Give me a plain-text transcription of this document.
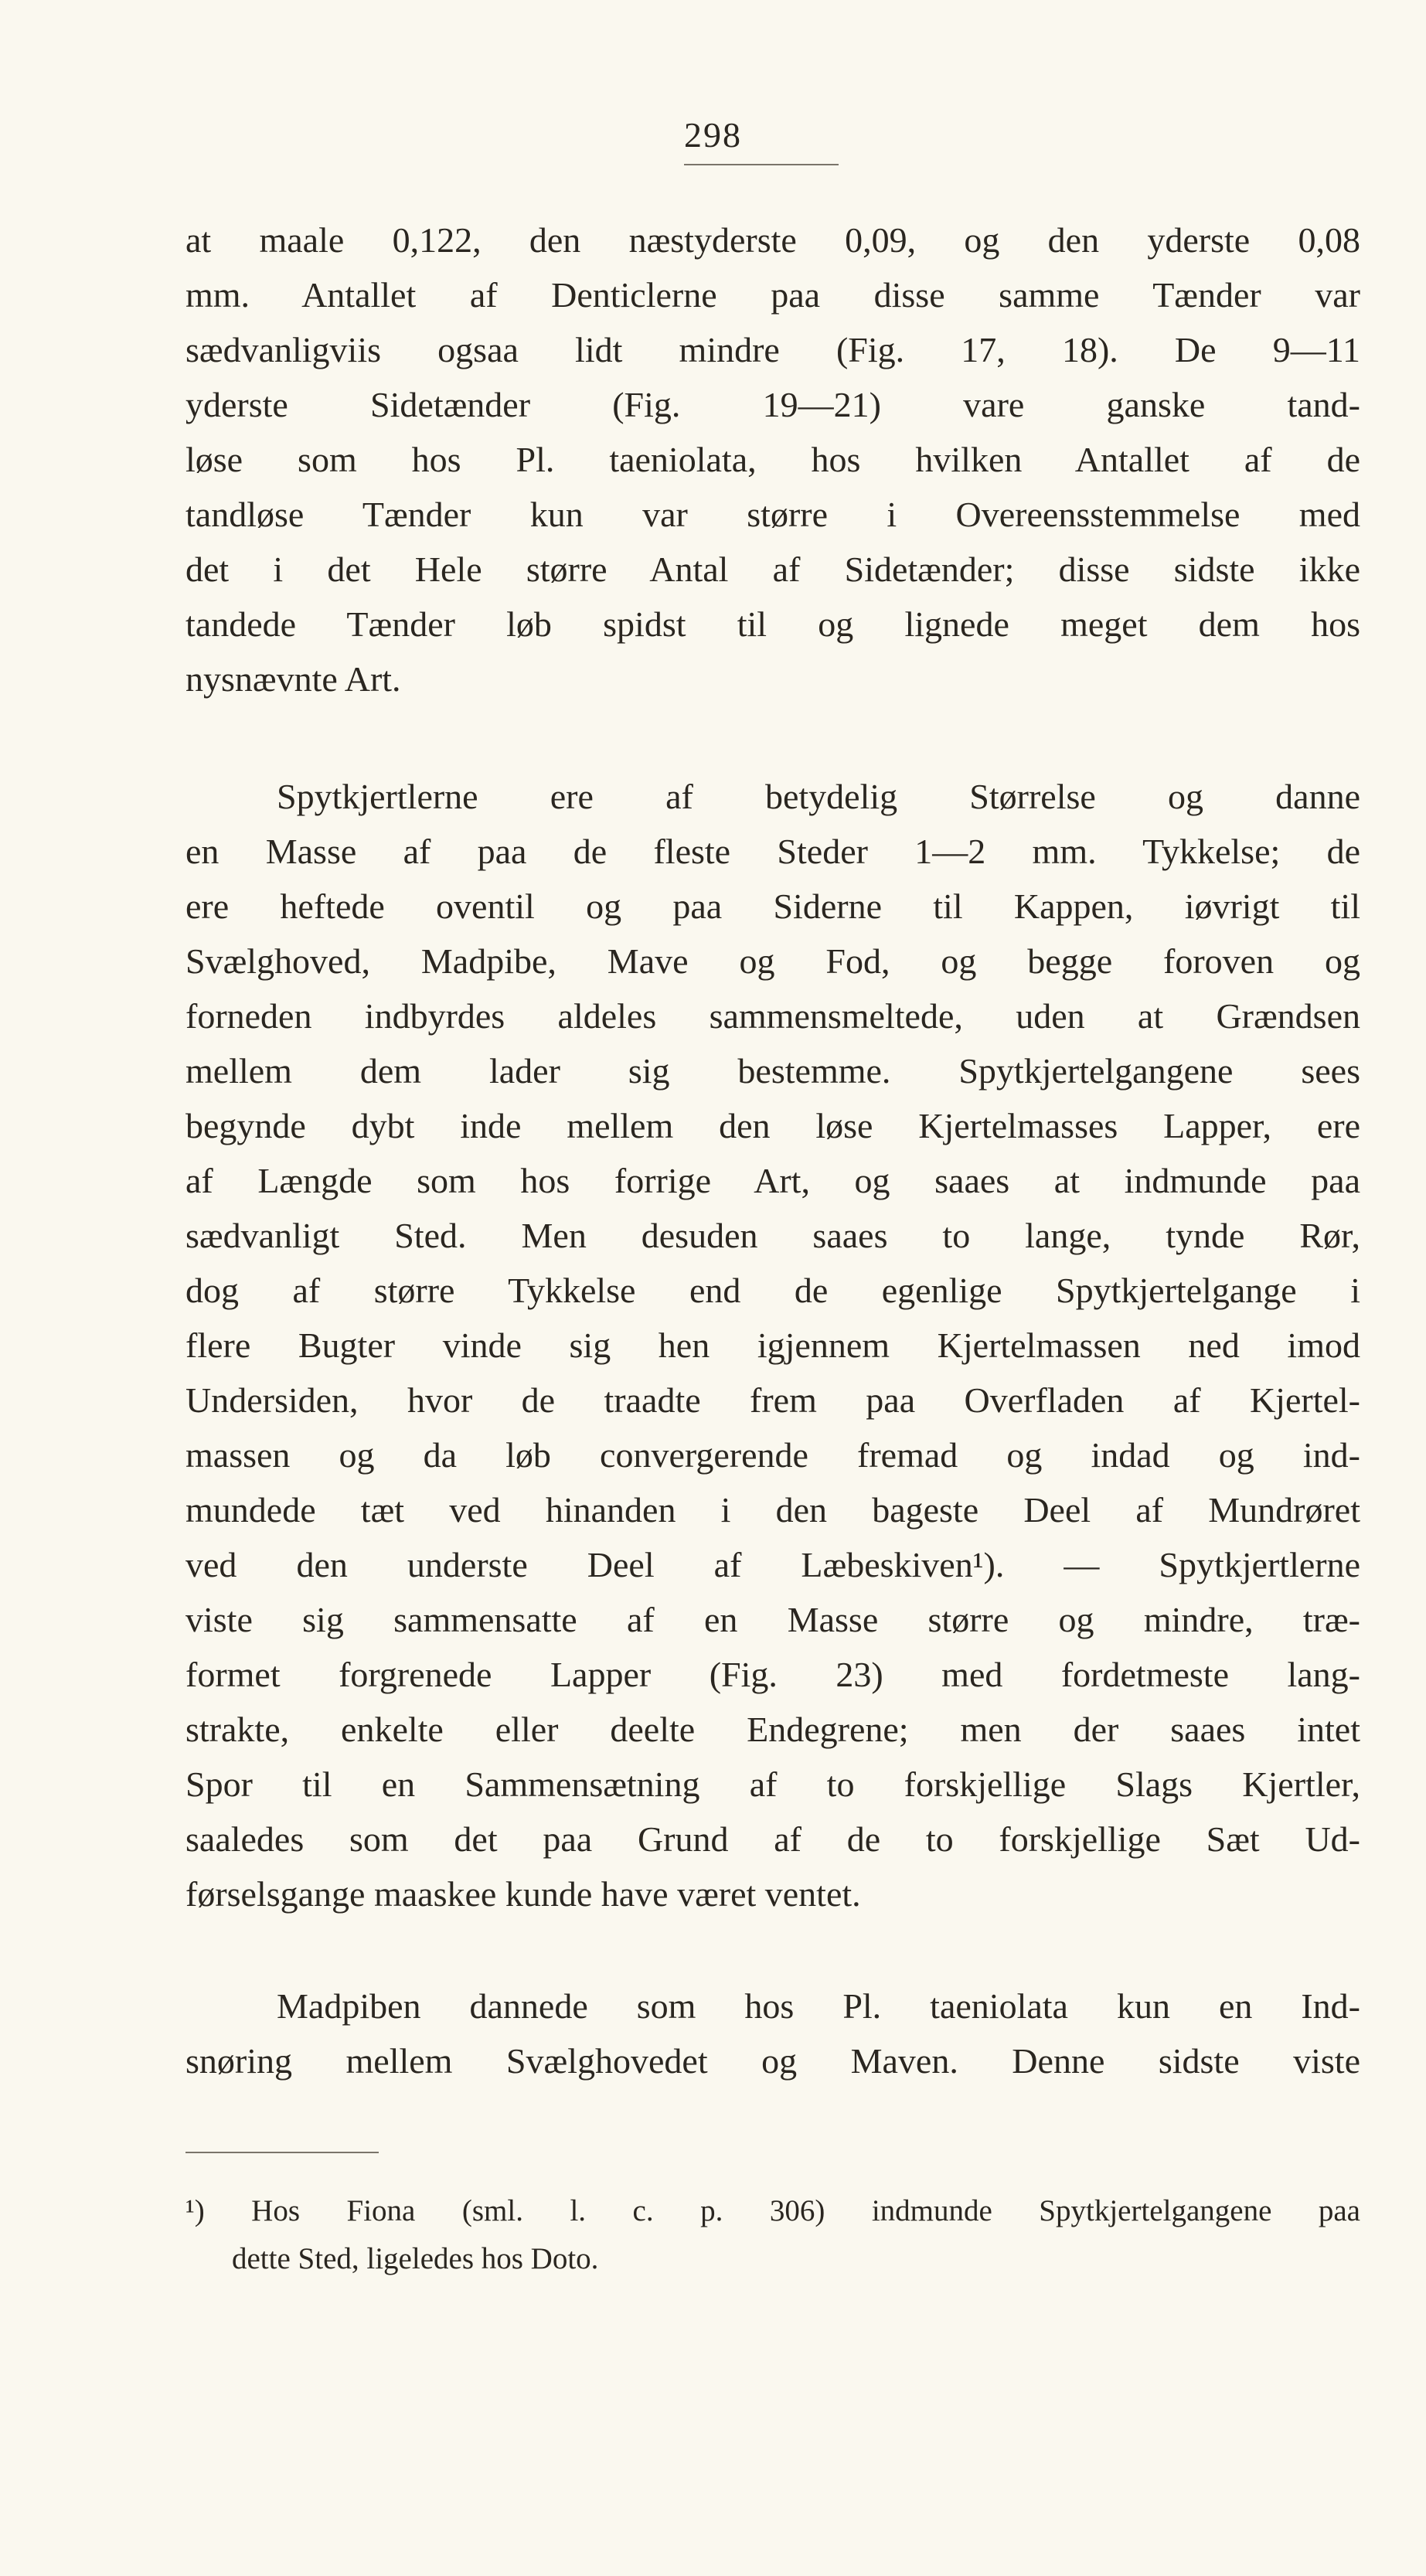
298
at maale 0,122, den næstyderste 0,09, og den yderste 0,08
mm. Antallet af Denticlerne paa disse samme Tænder var
sædvanligviis ogsaa lidt mindre (Fig. 17, 18). De 9—11
yderste Sidetænder (Fig. 19—21) vare ganske tand-
løse som hos Pl. taeniolata, hos hvilken Antallet af de
tandløse Tænder kun var større i Overeensstemmelse med
det i det Hele større Antal af Sidetænder; disse sidste ikke
tandede Tænder løb spidst til og lignede meget dem hos
nysnævnte Art.
Spytkjertlerne ere af betydelig Størrelse og danne
en Masse af paa de fleste Steder 1—2 mm. Tykkelse; de
ere heftede oventil og paa Siderne til Kappen, iøvrigt til
Svælghoved, Madpibe, Mave og Fod, og begge foroven og
forneden indbyrdes aldeles sammensmeltede, uden at Grændsen
mellem dem lader sig bestemme. Spytkjertelgangene sees
begynde dybt inde mellem den løse Kjertelmasses Lapper, ere
af Længde som hos forrige Art, og saaes at indmunde paa
sædvanligt Sted. Men desuden saaes to lange, tynde Rør,
dog af større Tykkelse end de egenlige Spytkjertelgange i
flere Bugter vinde sig hen igjennem Kjertelmassen ned imod
Undersiden, hvor de traadte frem paa Overfladen af Kjertel-
massen og da løb convergerende fremad og indad og ind-
mundede tæt ved hinanden i den bageste Deel af Mundrøret
ved den underste Deel af Læbeskiven¹). — Spytkjertlerne
viste sig sammensatte af en Masse større og mindre, træ-
formet forgrenede Lapper (Fig. 23) med fordetmeste lang-
strakte, enkelte eller deelte Endegrene; men der saaes intet
Spor til en Sammensætning af to forskjellige Slags Kjertler,
saaledes som det paa Grund af de to forskjellige Sæt Ud-
førselsgange maaskee kunde have været ventet.
Madpiben dannede som hos Pl. taeniolata kun en Ind-
snøring mellem Svælghovedet og Maven. Denne sidste viste
¹) Hos Fiona (sml. l. c. p. 306) indmunde Spytkjertelgangene paa
dette Sted, ligeledes hos Doto.
